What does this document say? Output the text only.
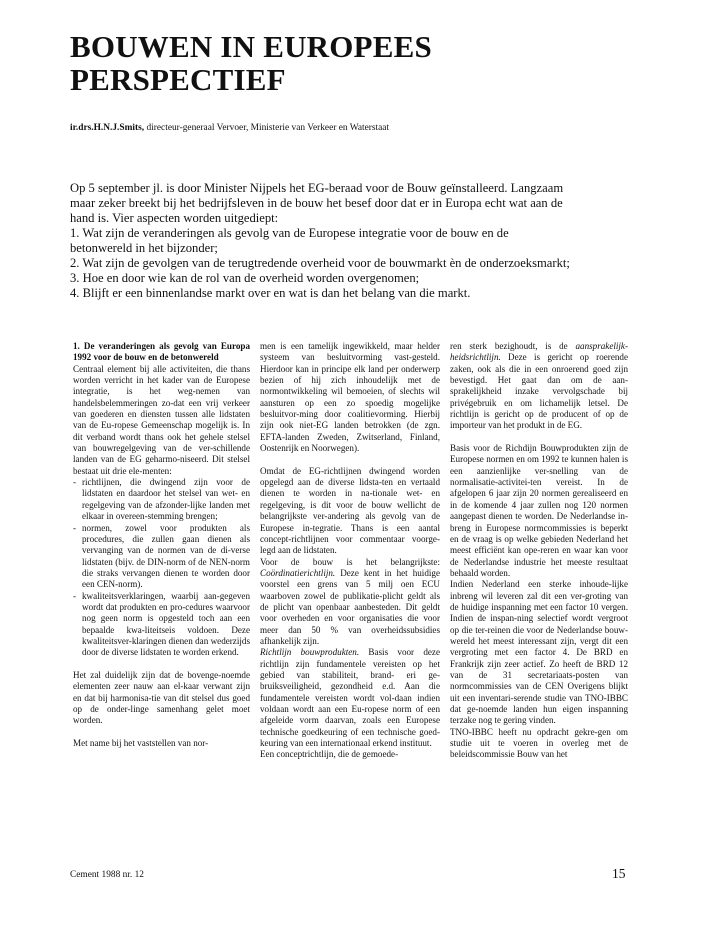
BOUWEN IN EUROPEES
PERSPECTIEF
ir.drs.H.N.J.Smits, directeur-generaal Vervoer, Ministerie van Verkeer en Waterstaat
Op 5 september jl. is door Minister Nijpels het EG-beraad voor de Bouw geïnstalleerd. Langzaam maar zeker breekt bij het bedrijfsleven in de bouw het besef door dat er in Europa echt wat aan de hand is. Vier aspecten worden uitgediept:
1. Wat zijn de veranderingen als gevolg van de Europese integratie voor de bouw en de betonwereld in het bijzonder;
2. Wat zijn de gevolgen van de terugtredende overheid voor de bouwmarkt èn de onderzoeksmarkt;
3. Hoe en door wie kan de rol van de overheid worden overgenomen;
4. Blijft er een binnenlandse markt over en wat is dan het belang van die markt.

1. De veranderingen als gevolg van Europa 1992 voor de bouw en de betonwereld

Centraal element bij alle activiteiten, die thans worden verricht in het kader van de Europese integratie, is het weg-nemen van handelsbelemmeringen zo-dat een vrij verkeer van goederen en diensten tussen alle lidstaten van de Eu-ropese Gemeenschap mogelijk is. In dit verband wordt thans ook het gehele stelsel van bouwregelgeving van de ver-schillende landen van de EG geharmo-niseerd. Dit stelsel bestaat uit drie ele-menten:

- richtlijnen, die dwingend zijn voor de lidstaten en daardoor het stelsel van wet- en regelgeving van de afzonder-lijke landen met elkaar in overeen-stemming brengen;
- normen, zowel voor produkten als procedures, die zullen gaan dienen als vervanging van de normen van de di-verse lidstaten (bijv. de DIN-norm of de NEN-norm die straks vervangen dienen te worden door een CEN-norm).
- kwaliteitsverklaringen, waarbij aan-gegeven wordt dat produkten en pro-cedures waarvoor nog geen norm is opgesteld toch aan een bepaalde kwa-liteitseis voldoen. Deze kwaliteitsver-klaringen dienen dan wederzijds door de diverse lidstaten te worden erkend.

Het zal duidelijk zijn dat de bovenge-noemde elementen zeer nauw aan el-kaar verwant zijn en dat bij harmonisa-tie van dit stelsel dus goed op de onder-linge samenhang gelet moet worden.

Met name bij het vaststellen van nor-

men is een tamelijk ingewikkeld, maar helder systeem van besluitvorming vast-gesteld. Hierdoor kan in principe elk land per onderwerp bezien of hij zich inhoudelijk met de normontwikkeling wil bemoeien, of slechts wil aansturen op een zo spoedig mogelijke besluitvor-ming door coalitievorming. Hierbij zijn ook niet-EG landen betrokken (de zgn. EFTA-landen Zweden, Zwitserland, Finland, Oostenrijk en Noorwegen).

Omdat de EG-richtlijnen dwingend worden opgelegd aan de diverse lidsta-ten en vertaald dienen te worden in na-tionale wet- en regelgeving, is dit voor de bouw wellicht de belangrijkste ver-andering als gevolg van de Europese in-tegratie. Thans is een aantal concept-richtlijnen voor commentaar voorge-legd aan de lidstaten.

Voor de bouw is het belangrijkste: Coördinatierichtlijn. Deze kent in het huidige voorstel een grens van 5 milj oen ECU waarboven zowel de publikatie-plicht geldt als de plicht van openbaar aanbesteden. Dit geldt voor overheden en voor organisaties die voor meer dan 50 % van overheidssubsidies afhankelijk zijn.

Richtlijn bouwprodukten. Basis voor deze richtlijn zijn fundamentele vereisten op het gebied van stabiliteit, brand- eri ge-bruiksveiligheid, gezondheid e.d. Aan die fundamentele vereisten wordt vol-daan indien voldaan wordt aan een Eu-ropese norm of een afgeleide vorm daarvan, zoals een Europese technische goedkeuring of een technische goed-keuring van een internationaal erkend instituut.

Een conceptrichtlijn, die de gemoede-

ren sterk bezighoudt, is de aansprakelijk-heidsrichtlijn. Deze is gericht op roerende zaken, ook als die in een onroerend goed zijn bevestigd. Het gaat dan om de aan-sprakelijkheid inzake vervolgschade bij privégebruik en om lichamelijk letsel. De richtlijn is gericht op de producent of op de importeur van het produkt in de EG.

Basis voor de Richdijn Bouwprodukten zijn de Europese normen en om 1992 te kunnen halen is een aanzienlijke ver-snelling van de normalisatie-activitei-ten vereist. In de afgelopen 6 jaar zijn 20 normen gerealiseerd en in de komende 4 jaar zullen nog 120 normen aangepast dienen te worden. De Nederlandse in-breng in Europese normcommissies is beperkt en de vraag is op welke gebieden Nederland het meest efficiënt kan ope-reren en waar kan voor de Nederlandse industrie het meeste resultaat behaald worden.

Indien Nederland een sterke inhoude-lijke inbreng wil leveren zal dit een ver-groting van de huidige inspanning met een factor 10 vergen. Indien de inspan-ning selectief wordt vergroot op die ter-reinen die voor de Nederlandse bouw-wereld het meest interessant zijn, vergt dit een vergroting met een factor 4. De BRD en Frankrijk zijn zeer actief. Zo heeft de BRD 12 van de 31 secretariaats-posten van normcommissies van de CEN Overigens blijkt uit een inventari-serende studie van TNO-IBBC dat ge-noemde landen hun eigen inspanning terzake nog te gering vinden.

TNO-IBBC heeft nu opdracht gekre-gen om studie uit te voeren in overleg met de beleidscommissie Bouw van het

Cement 1988 nr. 12	15
